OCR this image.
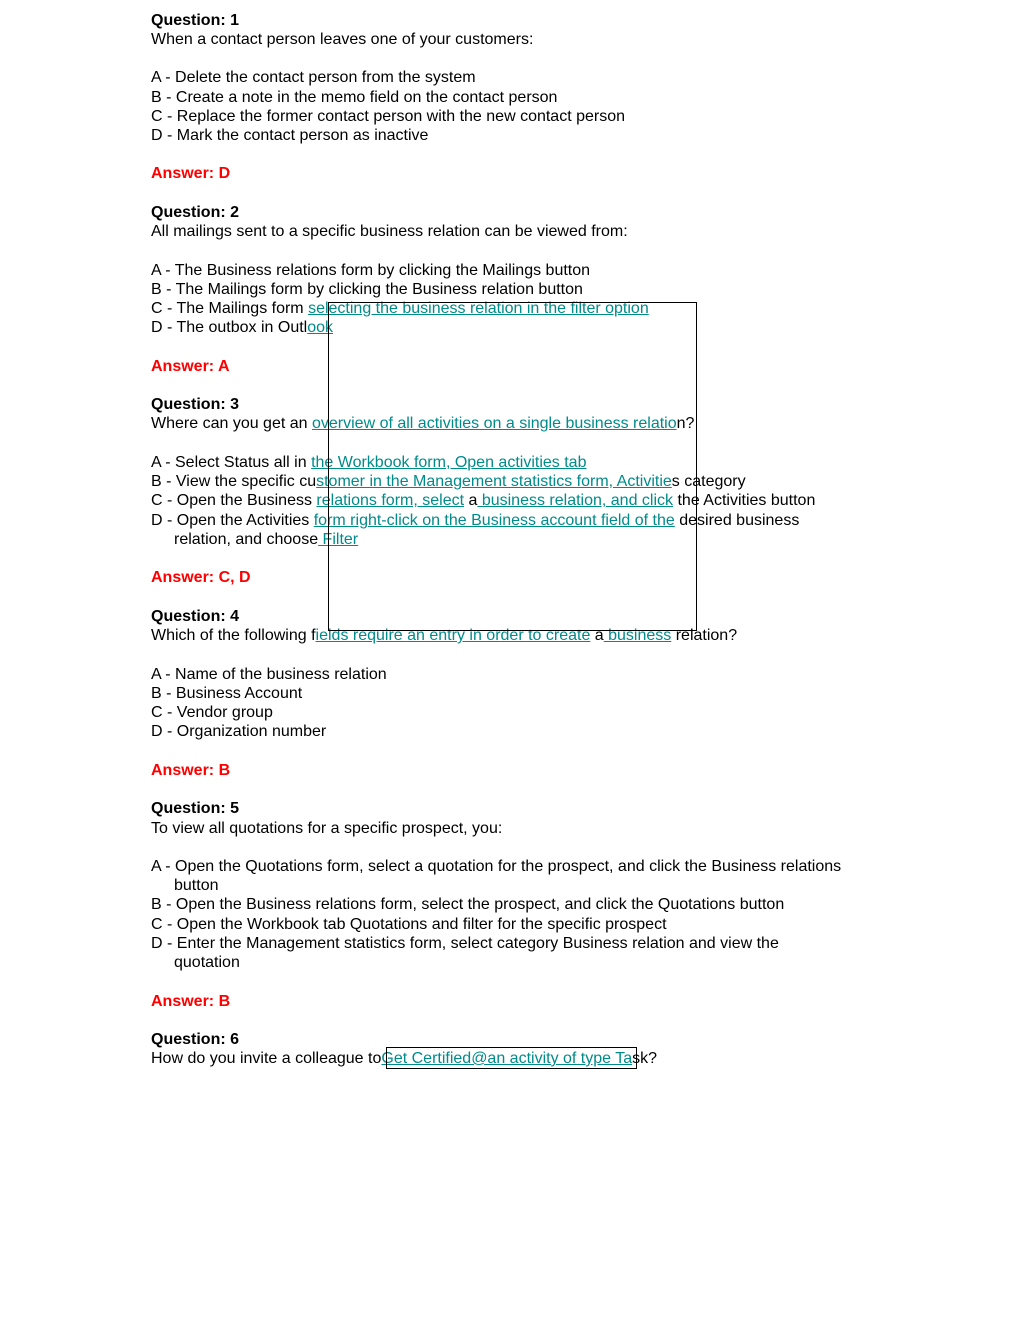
Question: 1
When a contact person leaves one of your customers:
A - Delete the contact person from the system
B - Create a note in the memo field on the contact person
C - Replace the former contact person with the new contact person
D - Mark the contact person as inactive
Answer: D
Question: 2
All mailings sent to a specific business relation can be viewed from:
A - The Business relations form by clicking the Mailings button
B - The Mailings form by clicking the Business relation button
C - The Mailings form selecting the business relation in the filter option
D - The outbox in Outlook
Answer: A
Question: 3
Where can you get an overview of all activities on a single business relation?
A - Select Status all in the Workbook form, Open activities tab
B - View the specific customer in the Management statistics form, Activities category
C - Open the Business relations form, select a business relation, and click the Activities button
D - Open the Activities form right-click on the Business account field of the desired business
relation, and choose Filter
Answer: C, D
Question: 4
Which of the following fields require an entry in order to create a business relation?
A - Name of the business relation
B - Business Account
C - Vendor group
D - Organization number
Answer: B
Question: 5
To view all quotations for a specific prospect, you:
A - Open the Quotations form, select a quotation for the prospect, and click the Business relations
button
B - Open the Business relations form, select the prospect, and click the Quotations button
C - Open the Workbook tab Quotations and filter for the specific prospect
D - Enter the Management statistics form, select category Business relation and view the
quotation
Answer: B
Question: 6
How do you invite a colleague toGet Certified@an activity of type Task?
